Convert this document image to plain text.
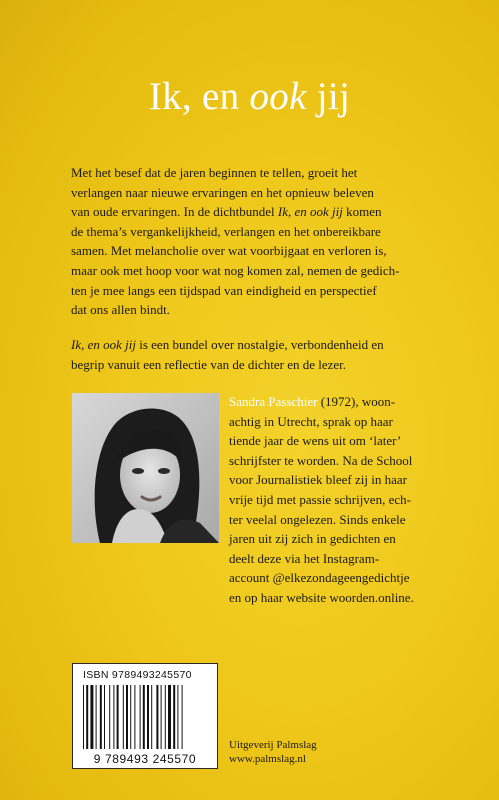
Ik, en ook jij

Met het besef dat de jaren beginnen te tellen, groeit het
verlangen naar nieuwe ervaringen en het opnieuw beleven
van oude ervaringen. In de dichtbundel Ik, en ook jij komen
de thema’s vergankelijkheid, verlangen en het onbereikbare
samen. Met melancholie over wat voorbijgaat en verloren is,
maar ook met hoop voor wat nog komen zal, nemen de gedich-
ten je mee langs een tijdspad van eindigheid en perspectief
dat ons allen bindt.

Ik, en ook jij is een bundel over nostalgie, verbondenheid en
begrip vanuit een reflectie van de dichter en de lezer.

Sandra Passchier (1972), woon-
achtig in Utrecht, sprak op haar
tiende jaar de wens uit om ‘later’
schrijfster te worden. Na de School
voor Journalistiek bleef zij in haar
vrije tijd met passie schrijven, ech-
ter veelal ongelezen. Sinds enkele
jaren uit zij zich in gedichten en
deelt deze via het Instagram-
account @elkezondageengedichtje
en op haar website woorden.online.

ISBN 9789493245570
9 789493 245570

Uitgeverij Palmslag
www.palmslag.nl
